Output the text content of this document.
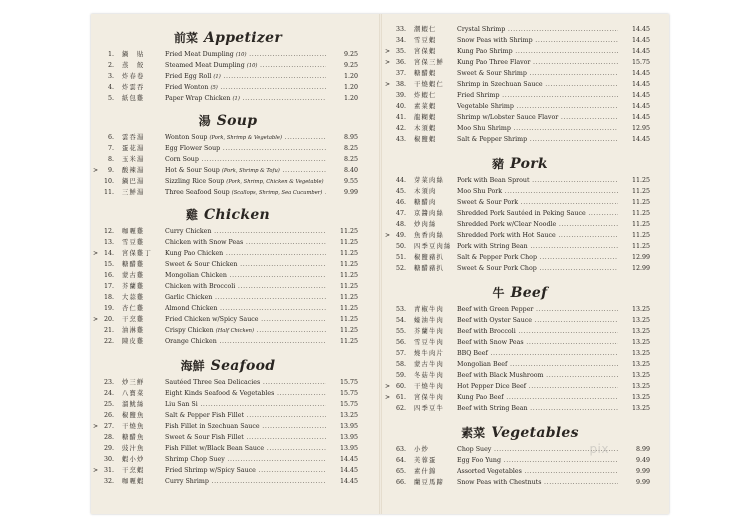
前菜 Appetizer
1. 鍋　貼	Fried Meat Dumpling (10) .....	9.25
2. 蒸　餃	Steamed Meat Dumpling (10) .....	9.25
3. 炸春卷	Fried Egg Roll (1) .....	1.20
4. 炸雲吞	Fried Wonton (5) .....	1.20
5. 紙包雞	Paper Wrap Chicken (1) .....	1.20
湯 Soup
6. 雲吞湯	Wonton Soup (Pork, Shrimp & Vegetable) .....	8.95
7. 蛋花湯	Egg Flower Soup .....	8.25
8. 玉米湯	Corn Soup .....	8.25
>	9. 酸辣湯	Hot & Sour Soup (Pork, Shrimp & Tofu) .....	8.40
10. 鍋巴湯	Sizzling Rice Soup (Pork, Shrimp, Chicken & Vegetable) .....	9.55
11. 三鮮湯	Three Seafood Soup (Scallops, Shrimp, Sea Cucumber) .....	9.99
雞 Chicken
12. 咖喱雞	Curry Chicken .....	11.25
13. 雪豆雞	Chicken with Snow Peas .....	11.25
> 14. 宮保雞丁	Kung Pao Chicken .....	11.25
15. 糖醋雞	Sweet & Sour Chicken .....	11.25
16. 蒙古雞	Mongolian Chicken .....	11.25
17. 芥蘭雞	Chicken with Broccoli .....	11.25
18. 大蒜雞	Garlic Chicken .....	11.25
19. 杏仁雞	Almond Chicken .....	11.25
> 20. 干烹雞	Fried Chicken w/Spicy Sauce .....	11.25
21. 油淋雞	Crispy Chicken (Half Chicken) .....	11.25
22. 陳皮雞	Orange Chicken .....	11.25
海鮮 Seafood
23. 炒三鮮	Sautéed Three Sea Delicacies .....	15.75
24. 八寶菜	Eight Kinds Seafood & Vegetables .....	15.75
25. 溜魷絲	Liu San Si .....	15.75
26. 椒鹽魚	Salt & Pepper Fish Fillet .....	13.25
> 27. 干燒魚	Fish Fillet in Szechuan Sauce .....	13.95
28. 糖醋魚	Sweet & Sour Fish Fillet .....	13.95
29. 豉汁魚	Fish Fillet w/Black Bean Sauce .....	13.95
30. 蝦小炒	Shrimp Chop Suey .....	14.45
> 31. 干烹蝦	Fried Shrimp w/Spicy Sauce .....	14.45
32. 咖喱蝦	Curry Shrimp .....	14.45
33. 潮蝦仁	Crystal Shrimp .....	14.45
34. 雪豆蝦	Snow Peas with Shrimp .....	14.45
> 35. 宮保蝦	Kung Pao Shrimp .....	14.45
> 36. 宮保三鮮	Kung Pao Three Flavor .....	15.75
37. 糖醋蝦	Sweet & Sour Shrimp .....	14.45
> 38. 干燒蝦仁	Shrimp in Szechuan Sauce .....	14.45
39. 炸蝦仁	Fried Shrimp .....	14.45
40. 素菜蝦	Vegetable Shrimp .....	14.45
41. 龍糊蝦	Shrimp w/Lobster Sauce Flavor .....	14.45
42. 木須蝦	Moo Shu Shrimp .....	12.95
43. 椒鹽蝦	Salt & Pepper Shrimp .....	14.45
豬 Pork
44. 芽菜肉絲	Pork with Bean Sprout .....	11.25
45. 木須肉	Moo Shu Pork .....	11.25
46. 糖醋肉	Sweet & Sour Pork .....	11.25
47. 京醬肉絲	Shredded Pork Sautéed in Peking Sauce .....	11.25
48. 炒肉絲	Shredded Pork w/Clear Noodle .....	11.25
> 49. 魚香肉絲	Shredded Pork with Hot Sauce .....	11.25
50. 四季豆肉絲 Pork with String Bean .....	11.25
51. 椒鹽豬扒	Salt & Pepper Pork Chop .....	12.99
52. 糖醋豬扒	Sweet & Sour Pork Chop .....	12.99
牛 Beef
53. 青椒牛肉	Beef with Green Pepper .....	13.25
54. 蠔油牛肉	Beef with Oyster Sauce .....	13.25
55. 芥蘭牛肉	Beef with Broccoli .....	13.25
56. 雪豆牛肉	Beef with Snow Peas .....	13.25
57. 燒牛肉片	BBQ Beef .....	13.25
58. 蒙古牛肉	Mongolian Beef .....	13.25
59. 冬菇牛肉	Beef with Black Mushroom .....	13.25
> 60. 干燒牛肉	Hot Pepper Dice Beef .....	13.25
> 61. 宮保牛肉	Kung Pao Beef .....	13.25
62. 四季豆牛	Beef with String Bean .....	13.25
素菜 Vegetables
63. 小炒	Chop Suey .....	8.99
64. 芙蓉蛋	Egg Foo Yung .....	9.49
65. 素什錦	Assorted Vegetables .....	9.99
66. 蘭豆馬蹄	Snow Peas with Chestnuts .....	9.99
pix
